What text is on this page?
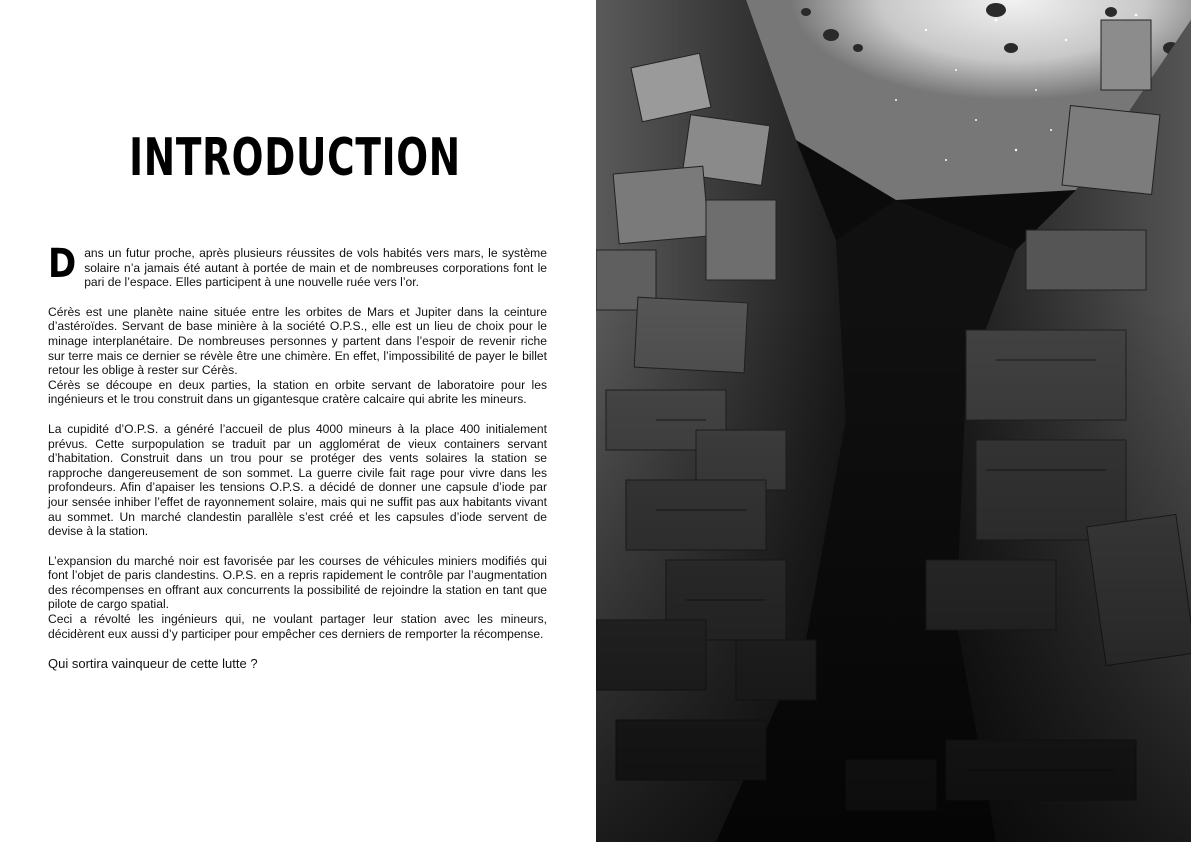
INTRODUCTION

Dans un futur proche, après plusieurs réussites de vols habités vers mars, le système solaire n’a jamais été autant à portée de main et de nombreuses corporations font le pari de l’espace. Elles participent à une nouvelle ruée vers l’or.

Cérès est une planète naine située entre les orbites de Mars et Jupiter dans la ceinture d’astéroïdes. Servant de base minière à la société O.P.S., elle est un lieu de choix pour le minage interplanétaire. De nombreuses personnes y partent dans l’espoir de revenir riche sur terre mais ce dernier se révèle être une chimère. En effet, l’impossibilité de payer le billet retour les oblige à rester sur Cérès.

Cérès se découpe en deux parties, la station en orbite servant de laboratoire pour les ingénieurs et le trou construit dans un gigantesque cratère calcaire qui abrite les mineurs.

La cupidité d’O.P.S. a généré l’accueil de plus 4000 mineurs à la place 400 initialement prévus. Cette surpopulation se traduit par un agglomérat de vieux containers servant d’habitation. Construit dans un trou pour se protéger des vents solaires la station se rapproche dangereusement de son sommet. La guerre civile fait rage pour vivre dans les profondeurs. Afin d’apaiser les tensions O.P.S. a décidé de donner une capsule d’iode par jour sensée inhiber l’effet de rayonnement solaire, mais qui ne suffit pas aux habitants vivant au sommet. Un marché clandestin parallèle s’est créé et les capsules d’iode servent de devise à la station.

L’expansion du marché noir est favorisée par les courses de véhicules miniers modifiés qui font l’objet de paris clandestins. O.P.S. en a repris rapidement le contrôle par l’augmentation des récompenses en offrant aux concurrents la possibilité de rejoindre la station en tant que pilote de cargo spatial.

Ceci a révolté les ingénieurs qui, ne voulant partager leur station avec les mineurs, décidèrent eux aussi d’y participer pour empêcher ces derniers de remporter la récompense.

Qui sortira vainqueur de cette lutte ?
